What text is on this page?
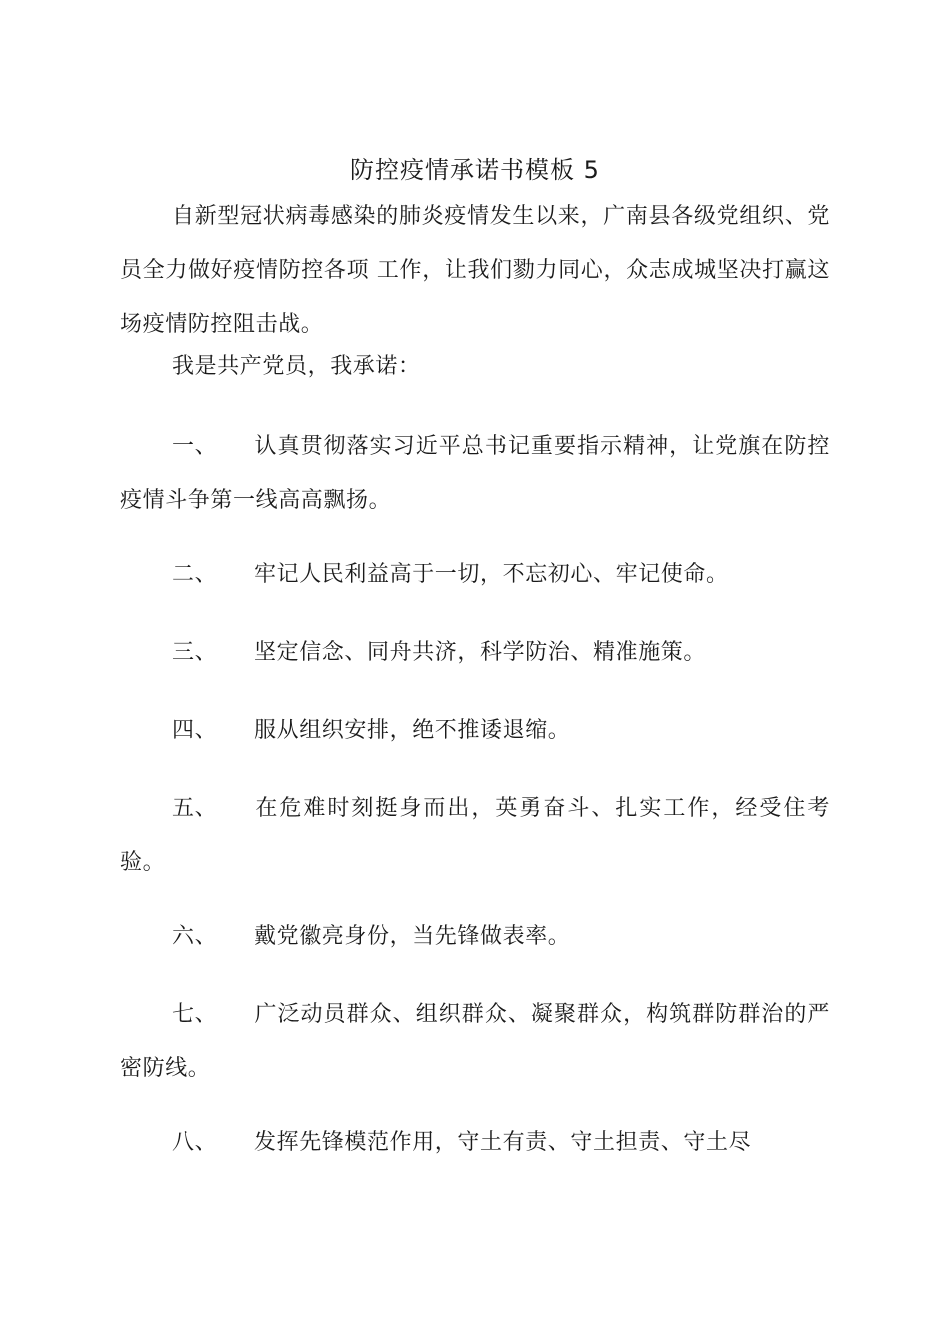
防控疫情承诺书模板 5

自新型冠状病毒感染的肺炎疫情发生以来，广南县各级党组织、党员全力做好疫情防控各项 工作，让我们勠力同心，众志成城坚决打赢这场疫情防控阻击战。

我是共产党员，我承诺：

一、 认真贯彻落实习近平总书记重要指示精神，让党旗在防控疫情斗争第一线高高飘扬。

二、 牢记人民利益高于一切，不忘初心、牢记使命。

三、 坚定信念、同舟共济，科学防治、精准施策。

四、 服从组织安排，绝不推诿退缩。

五、 在危难时刻挺身而出，英勇奋斗、扎实工作，经受住考验。

六、 戴党徽亮身份，当先锋做表率。

七、 广泛动员群众、组织群众、凝聚群众，构筑群防群治的严密防线。

八、 发挥先锋模范作用，守土有责、守土担责、守土尽
